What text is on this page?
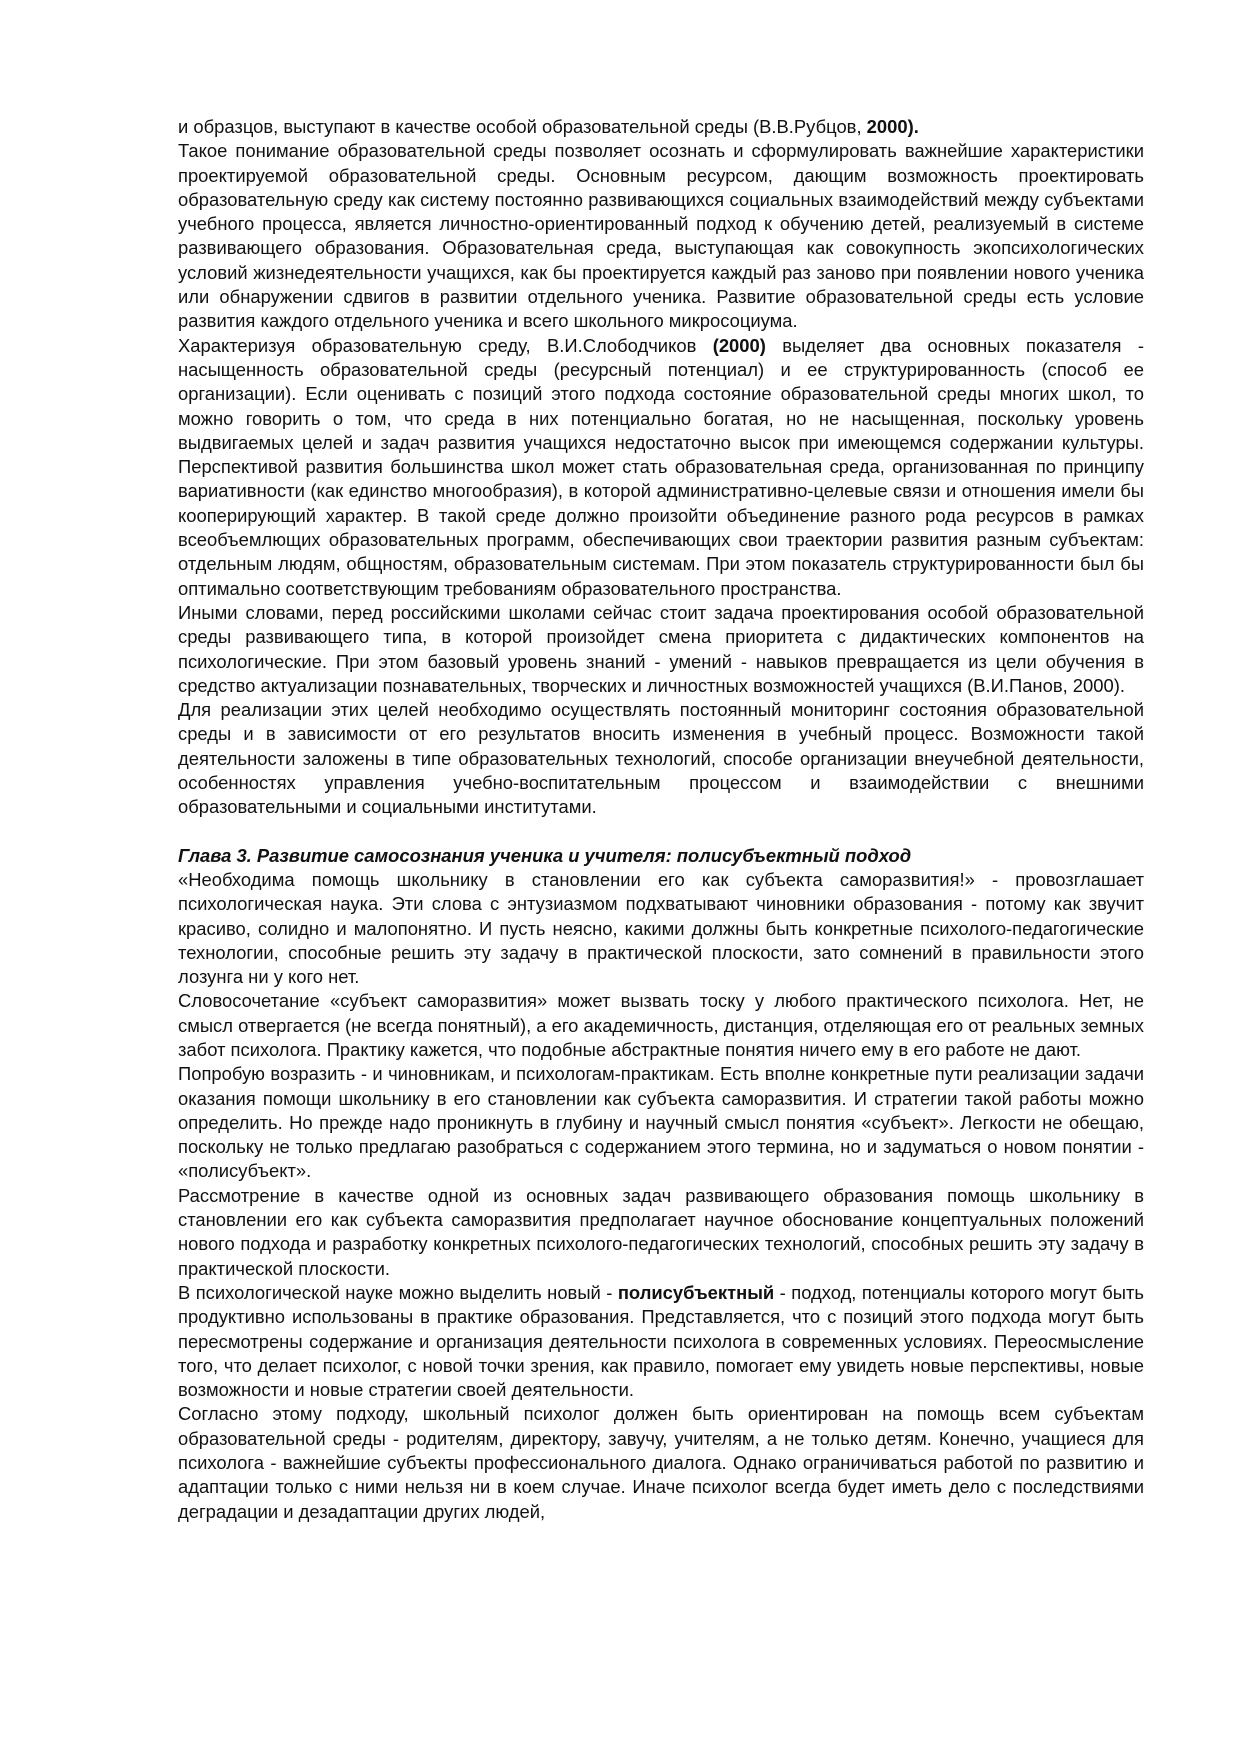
и образцов, выступают в качестве особой образовательной среды (В.В.Рубцов, 2000).

Такое понимание образовательной среды позволяет осознать и сформулировать важнейшие характеристики проектируемой образовательной среды. Основным ресурсом, дающим возможность проектировать образовательную среду как систему постоянно развивающихся социальных взаимодействий между субъектами учебного процесса, является личностно-ориентированный подход к обучению детей, реализуемый в системе развивающего образования. Образовательная среда, выступающая как совокупность экопсихологических условий жизнедеятельности учащихся, как бы проектируется каждый раз заново при появлении нового ученика или обнаружении сдвигов в развитии отдельного ученика. Развитие образовательной среды есть условие развития каждого отдельного ученика и всего школьного микросоциума.

Характеризуя образовательную среду, В.И.Слободчиков (2000) выделяет два основных показателя - насыщенность образовательной среды (ресурсный потенциал) и ее структурированность (способ ее организации). Если оценивать с позиций этого подхода состояние образовательной среды многих школ, то можно говорить о том, что среда в них потенциально богатая, но не насыщенная, поскольку уровень выдвигаемых целей и задач развития учащихся недостаточно высок при имеющемся содержании культуры. Перспективой развития большинства школ может стать образовательная среда, организованная по принципу вариативности (как единство многообразия), в которой административно-целевые связи и отношения имели бы кооперирующий характер. В такой среде должно произойти объединение разного рода ресурсов в рамках всеобъемлющих образовательных программ, обеспечивающих свои траектории развития разным субъектам: отдельным людям, общностям, образовательным системам. При этом показатель структурированности был бы оптимально соответствующим требованиям образовательного пространства.

Иными словами, перед российскими школами сейчас стоит задача проектирования особой образовательной среды развивающего типа, в которой произойдет смена приоритета с дидактических компонентов на психологические. При этом базовый уровень знаний - умений - навыков превращается из цели обучения в средство актуализации познавательных, творческих и личностных возможностей учащихся (В.И.Панов, 2000).

Для реализации этих целей необходимо осуществлять постоянный мониторинг состояния образовательной среды и в зависимости от его результатов вносить изменения в учебный процесс. Возможности такой деятельности заложены в типе образовательных технологий, способе организации внеучебной деятельности, особенностях управления учебно-воспитательным процессом и взаимодействии с внешними образовательными и социальными институтами.

Глава 3. Развитие самосознания ученика и учителя: полисубъектный подход

«Необходима помощь школьнику в становлении его как субъекта саморазвития!» - провозглашает психологическая наука. Эти слова с энтузиазмом подхватывают чиновники образования - потому как звучит красиво, солидно и малопонятно. И пусть неясно, какими должны быть конкретные психолого-педагогические технологии, способные решить эту задачу в практической плоскости, зато сомнений в правильности этого лозунга ни у кого нет.

Словосочетание «субъект саморазвития» может вызвать тоску у любого практического психолога. Нет, не смысл отвергается (не всегда понятный), а его академичность, дистанция, отделяющая его от реальных земных забот психолога. Практику кажется, что подобные абстрактные понятия ничего ему в его работе не дают.

Попробую возразить - и чиновникам, и психологам-практикам. Есть вполне конкретные пути реализации задачи оказания помощи школьнику в его становлении как субъекта саморазвития. И стратегии такой работы можно определить. Но прежде надо проникнуть в глубину и научный смысл понятия «субъект». Легкости не обещаю, поскольку не только предлагаю разобраться с содержанием этого термина, но и задуматься о новом понятии - «полисубъект».

Рассмотрение в качестве одной из основных задач развивающего образования помощь школьнику в становлении его как субъекта саморазвития предполагает научное обоснование концептуальных положений нового подхода и разработку конкретных психолого-педагогических технологий, способных решить эту задачу в практической плоскости.

В психологической науке можно выделить новый - полисубъектный - подход, потенциалы которого могут быть продуктивно использованы в практике образования. Представляется, что с позиций этого подхода могут быть пересмотрены содержание и организация деятельности психолога в современных условиях. Переосмысление того, что делает психолог, с новой точки зрения, как правило, помогает ему увидеть новые перспективы, новые возможности и новые стратегии своей деятельности.

Согласно этому подходу, школьный психолог должен быть ориентирован на помощь всем субъектам образовательной среды - родителям, директору, завучу, учителям, а не только детям. Конечно, учащиеся для психолога - важнейшие субъекты профессионального диалога. Однако ограничиваться работой по развитию и адаптации только с ними нельзя ни в коем случае. Иначе психолог всегда будет иметь дело с последствиями деградации и дезадаптации других людей,
